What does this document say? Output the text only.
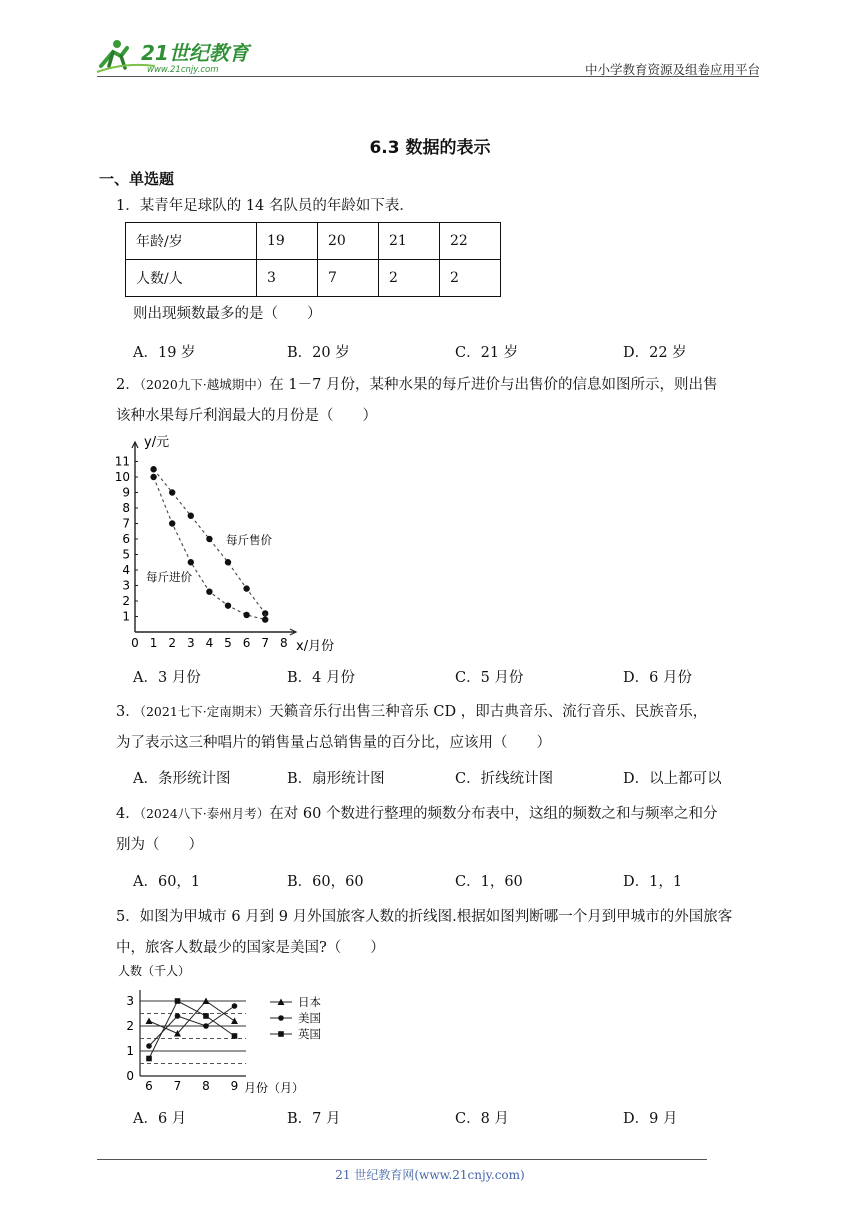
21世纪教育
www.21cnjy.com	中小学教育资源及组卷应用平台
6.3 数据的表示
一、单选题
1．某青年足球队的 14 名队员的年龄如下表．
年龄/岁	19	20	21	22
人数/人	3	7	2	2
则出现频数最多的是（　　）
A．19 岁	B．20 岁	C．21 岁	D．22 岁
2．（2020九下·越城期中）在 1－7 月份，某种水果的每斤进价与出售价的信息如图所示，则出售
该种水果每斤利润最大的月份是（　　）
0 1 2 3 4 5 6 7 8
1
2
3
4
5
6
7
8
9
10
11
y/元
x/月份
每斤售价
每斤进价
A．3 月份	B．4 月份	C．5 月份	D．6 月份
3．（2021七下·定南期末）天籁音乐行出售三种音乐 CD ，即古典音乐、流行音乐、民族音乐，
为了表示这三种唱片的销售量占总销售量的百分比，应该用（　　）
A．条形统计图	B．扇形统计图	C．折线统计图	D．以上都可以
4．（2024八下·泰州月考）在对 60 个数进行整理的频数分布表中，这组的频数之和与频率之和分
别为（　　）
A．60，1	B．60，60	C．1，60	D．1，1
5．如图为甲城市 6 月到 9 月外国旅客人数的折线图.根据如图判断哪一个月到甲城市的外国旅客
中，旅客人数最少的国家是美国?（　　）
0
1
2
3
6 7 8 9
日本
美国
英国
人数（千人）
月份（月）
A．6 月	B．7 月	C．8 月	D．9 月
21 世纪教育网(www.21cnjy.com)
